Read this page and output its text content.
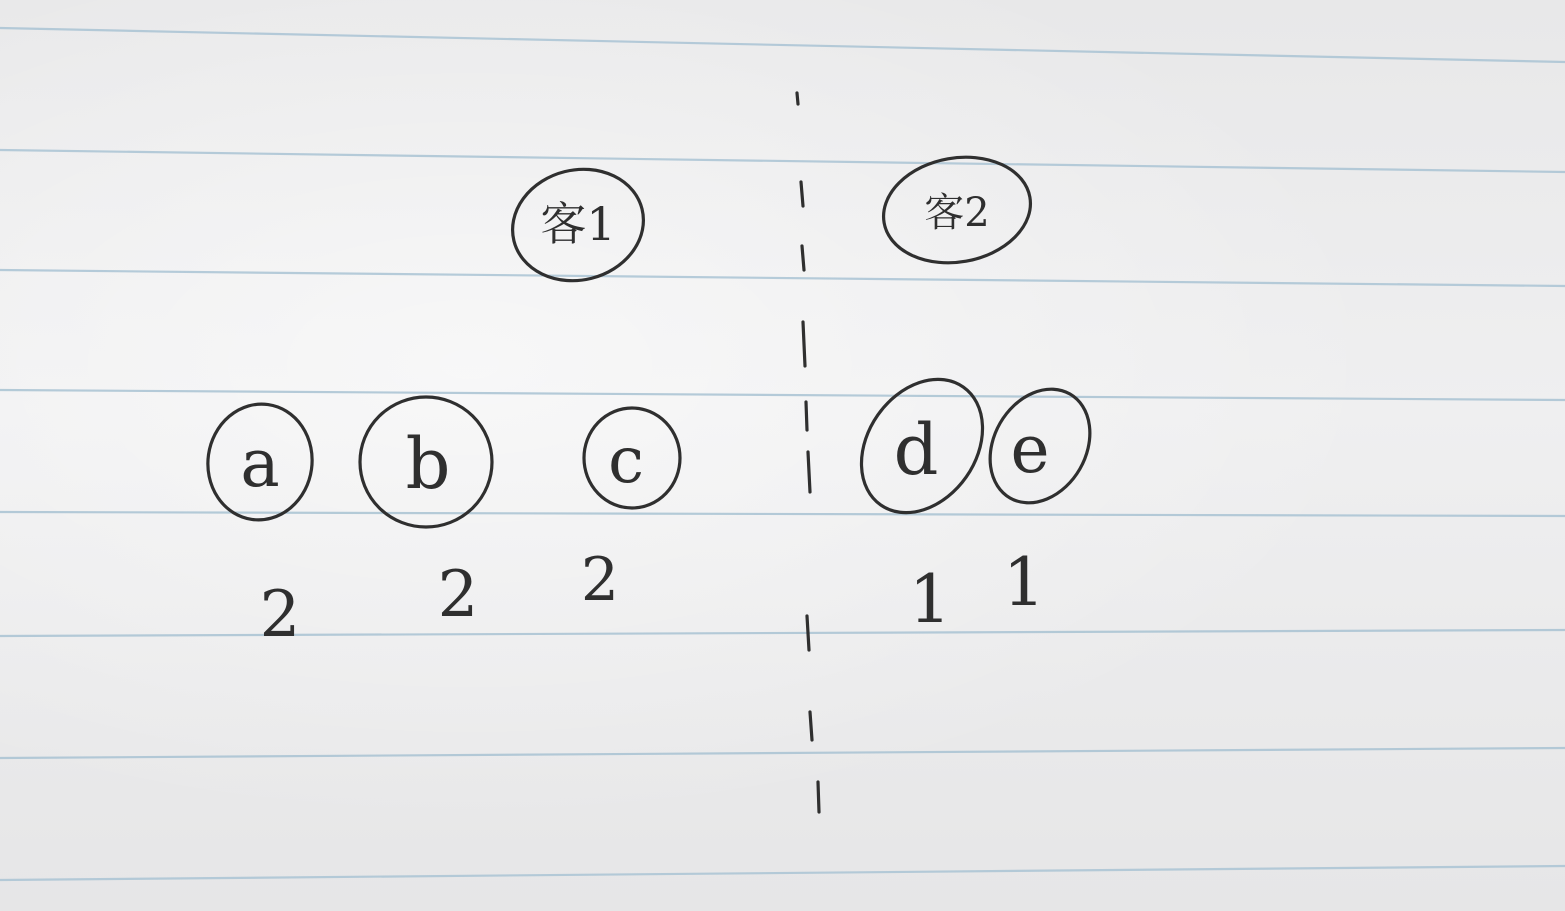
客1	客2
a b c	d e
2 2 2	1 1
